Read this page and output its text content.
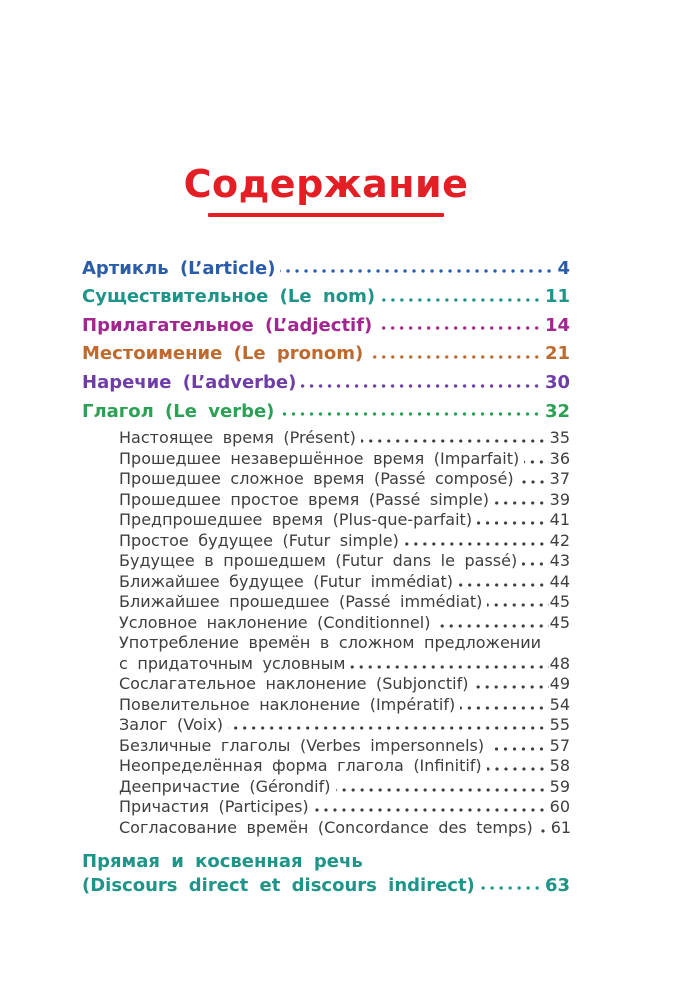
Содержание
Артикль (L’article)	4
Существительное (Le nom)	11
Прилагательное (L’adjectif)	14
Местоимение (Le pronom)	21
Наречие (L’adverbe)	30
Глагол (Le verbe)	32
Настоящее время (Présent)	35
Прошедшее незавершённое время (Imparfait) 36
Прошедшее сложное время (Passé composé) 37
Прошедшее простое время (Passé simple)	39
Предпрошедшее время (Plus-que-parfait)	41
Простое будущее (Futur simple)	42
Будущее в прошедшем (Futur dans le passé) 43
Ближайшее будущее (Futur immédiat)	44
Ближайшее прошедшее (Passé immédiat)	45
Условное наклонение (Conditionnel)	45
Употребление времён в сложном предложении
с придаточным условным	48
Сослагательное наклонение (Subjonctif)	49
Повелительное наклонение (Impératif)	54
Залог (Voix)	55
Безличные глаголы (Verbes impersonnels)	57
Неопределённая форма глагола (Infinitif)	58
Деепричастие (Gérondif)	59
Причастия (Participes)	60
Согласование времён (Concordance des temps) 61
Прямая и косвенная речь
(Discours direct et discours indirect)	63
